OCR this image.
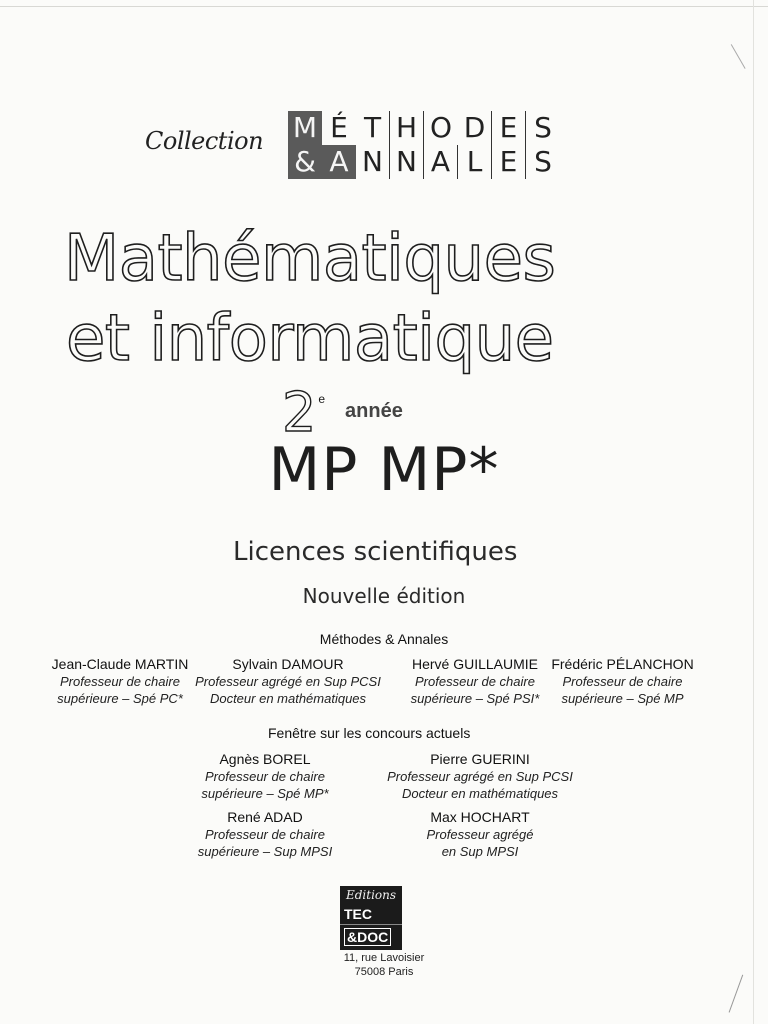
Collection M É T H O D E S
& A N N A L E S
Mathématiques
et informatique
2 e
année
MP MP*
Licences scientifiques
Nouvelle édition
Méthodes & Annales
Jean-Claude MARTIN
Professeur de chaire
supérieure – Spé PC*
Sylvain DAMOUR
Professeur agrégé en Sup PCSI
Docteur en mathématiques
Hervé GUILLAUMIE
Professeur de chaire
supérieure – Spé PSI*
Frédéric PÉLANCHON
Professeur de chaire
supérieure – Spé MP
Fenêtre sur les concours actuels
Agnès BOREL
Professeur de chaire
supérieure – Spé MP*
Pierre GUERINI
Professeur agrégé en Sup PCSI
Docteur en mathématiques
René ADAD
Professeur de chaire
supérieure – Sup MPSI
Max HOCHART
Professeur agrégé
en Sup MPSI
Editions
TEC
&DOC
11, rue Lavoisier
75008 Paris
